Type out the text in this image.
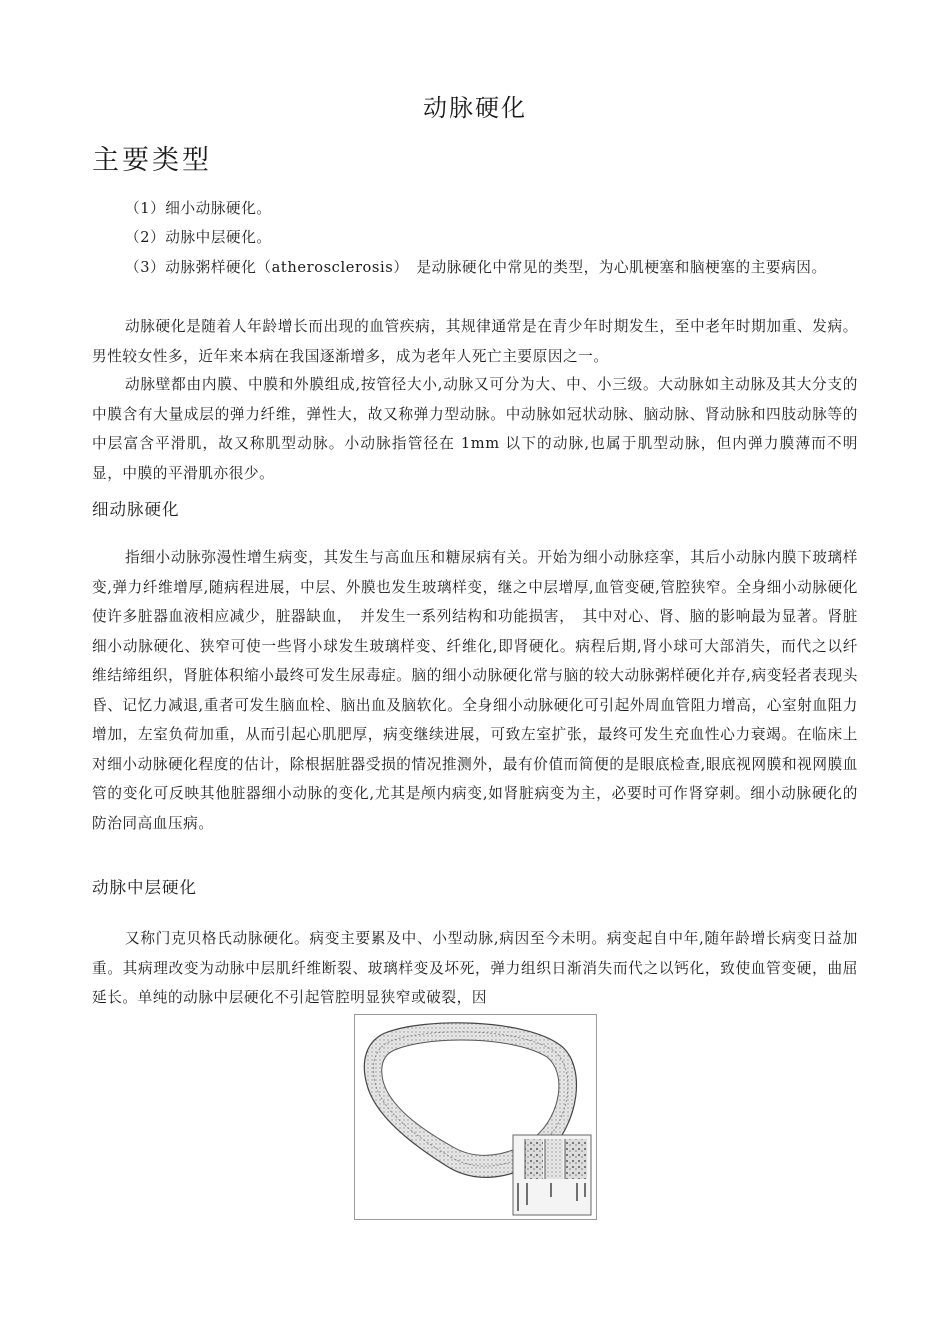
动脉硬化
主要类型

（1）细小动脉硬化。

（2）动脉中层硬化。

（3）动脉粥样硬化（atherosclerosis）　是动脉硬化中常见的类型，为心肌梗塞和脑梗塞的主要病因。

动脉硬化是随着人年龄增长而出现的血管疾病，其规律通常是在青少年时期发生，至中老年时期加重、发病。男性较女性多，近年来本病在我国逐渐增多，成为老年人死亡主要原因之一。

动脉壁都由内膜、中膜和外膜组成,按管径大小,动脉又可分为大、中、小三级。大动脉如主动脉及其大分支的中膜含有大量成层的弹力纤维，弹性大，故又称弹力型动脉。中动脉如冠状动脉、脑动脉、肾动脉和四肢动脉等的中层富含平滑肌，故又称肌型动脉。小动脉指管径在 1mm 以下的动脉,也属于肌型动脉，但内弹力膜薄而不明显，中膜的平滑肌亦很少。

细动脉硬化

指细小动脉弥漫性增生病变，其发生与高血压和糖尿病有关。开始为细小动脉痉挛，其后小动脉内膜下玻璃样变,弹力纤维增厚,随病程进展，中层、外膜也发生玻璃样变，继之中层增厚,血管变硬,管腔狭窄。全身细小动脉硬化使许多脏器血液相应减少，脏器缺血，　并发生一系列结构和功能损害，　其中对心、肾、脑的影响最为显著。肾脏细小动脉硬化、狭窄可使一些肾小球发生玻璃样变、纤维化,即肾硬化。病程后期,肾小球可大部消失，而代之以纤维结缔组织，肾脏体积缩小最终可发生尿毒症。脑的细小动脉硬化常与脑的较大动脉粥样硬化并存,病变轻者表现头昏、记忆力减退,重者可发生脑血栓、脑出血及脑软化。全身细小动脉硬化可引起外周血管阻力增高，心室射血阻力增加，左室负荷加重，从而引起心肌肥厚，病变继续进展，可致左室扩张，最终可发生充血性心力衰竭。在临床上对细小动脉硬化程度的估计，除根据脏器受损的情况推测外，最有价值而简便的是眼底检查,眼底视网膜和视网膜血管的变化可反映其他脏器细小动脉的变化,尤其是颅内病变,如肾脏病变为主，必要时可作肾穿刺。细小动脉硬化的防治同高血压病。

动脉中层硬化

又称门克贝格氏动脉硬化。病变主要累及中、小型动脉,病因至今未明。病变起自中年,随年龄增长病变日益加重。其病理改变为动脉中层肌纤维断裂、玻璃样变及坏死，弹力组织日渐消失而代之以钙化，致使血管变硬，曲屈延长。单纯的动脉中层硬化不引起管腔明显狭窄或破裂，因
